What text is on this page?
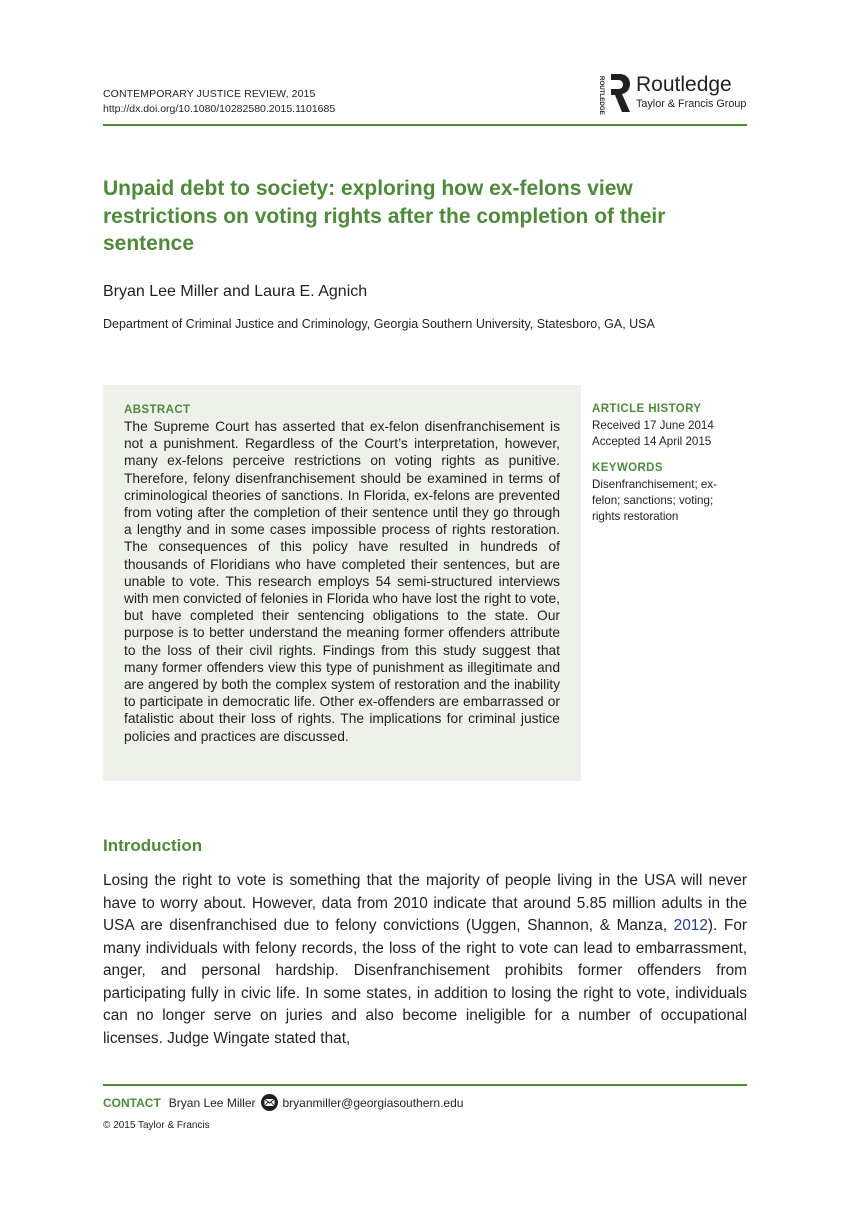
CONTEMPORARY JUSTICE REVIEW, 2015
http://dx.doi.org/10.1080/10282580.2015.1101685	ROUTLEDGE Routledge
Taylor & Francis Group
Unpaid debt to society: exploring how ex-felons view restrictions on voting rights after the completion of their sentence
Bryan Lee Miller and Laura E. Agnich
Department of Criminal Justice and Criminology, Georgia Southern University, Statesboro, GA, USA
ABSTRACT
The Supreme Court has asserted that ex-felon disenfranchisement is not a punishment. Regardless of the Court’s interpretation, however, many ex-felons perceive restrictions on voting rights as punitive. Therefore, felony disenfranchisement should be examined in terms of criminological theories of sanctions. In Florida, ex-felons are prevented from voting after the completion of their sentence until they go through a lengthy and in some cases impossible process of rights restoration. The consequences of this policy have resulted in hundreds of thousands of Floridians who have completed their sentences, but are unable to vote. This research employs 54 semi-structured interviews with men convicted of felonies in Florida who have lost the right to vote, but have completed their sentencing obligations to the state. Our purpose is to better understand the meaning former offenders attribute to the loss of their civil rights. Findings from this study suggest that many former offenders view this type of punishment as illegitimate and are angered by both the complex system of restoration and the inability to participate in democratic life. Other ex-offenders are embarrassed or fatalistic about their loss of rights. The implications for criminal justice policies and practices are discussed.
ARTICLE HISTORY
Received 17 June 2014
Accepted 14 April 2015
KEYWORDS
Disenfranchisement; ex-felon; sanctions; voting; rights restoration
Introduction
Losing the right to vote is something that the majority of people living in the USA will never have to worry about. However, data from 2010 indicate that around 5.85 million adults in the USA are disenfranchised due to felony convictions (Uggen, Shannon, & Manza, 2012). For many individuals with felony records, the loss of the right to vote can lead to embarrassment, anger, and personal hardship. Disenfranchisement prohibits former offenders from participating fully in civic life. In some states, in addition to losing the right to vote, individuals can no longer serve on juries and also become ineligible for a number of occupational licenses. Judge Wingate stated that,
CONTACT Bryan Lee Miller bryanmiller@georgiasouthern.edu
© 2015 Taylor & Francis
